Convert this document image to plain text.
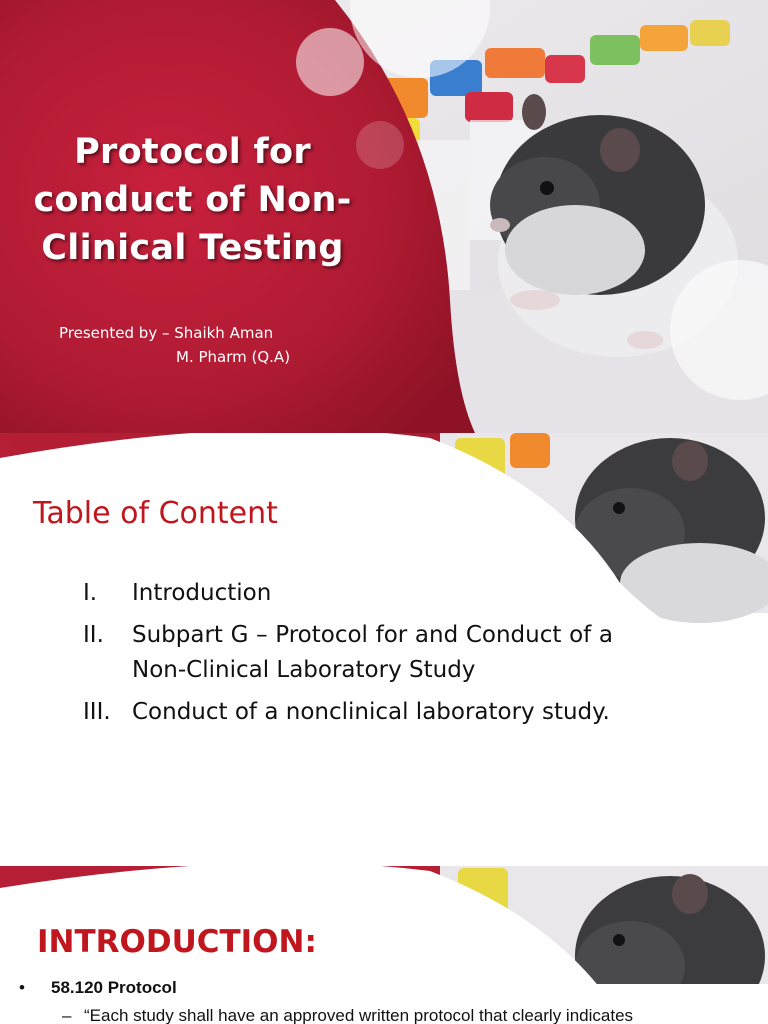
Protocol for
conduct of Non-
Clinical Testing
Presented by – Shaikh Aman
M. Pharm (Q.A)
Table of Content
I.	Introduction
II.	Subpart G – Protocol for and Conduct of a Non-Clinical Laboratory Study
III. Conduct of a nonclinical laboratory study.
INTRODUCTION:
• 58.120 Protocol
– “Each study shall have an approved written protocol that clearly indicates
